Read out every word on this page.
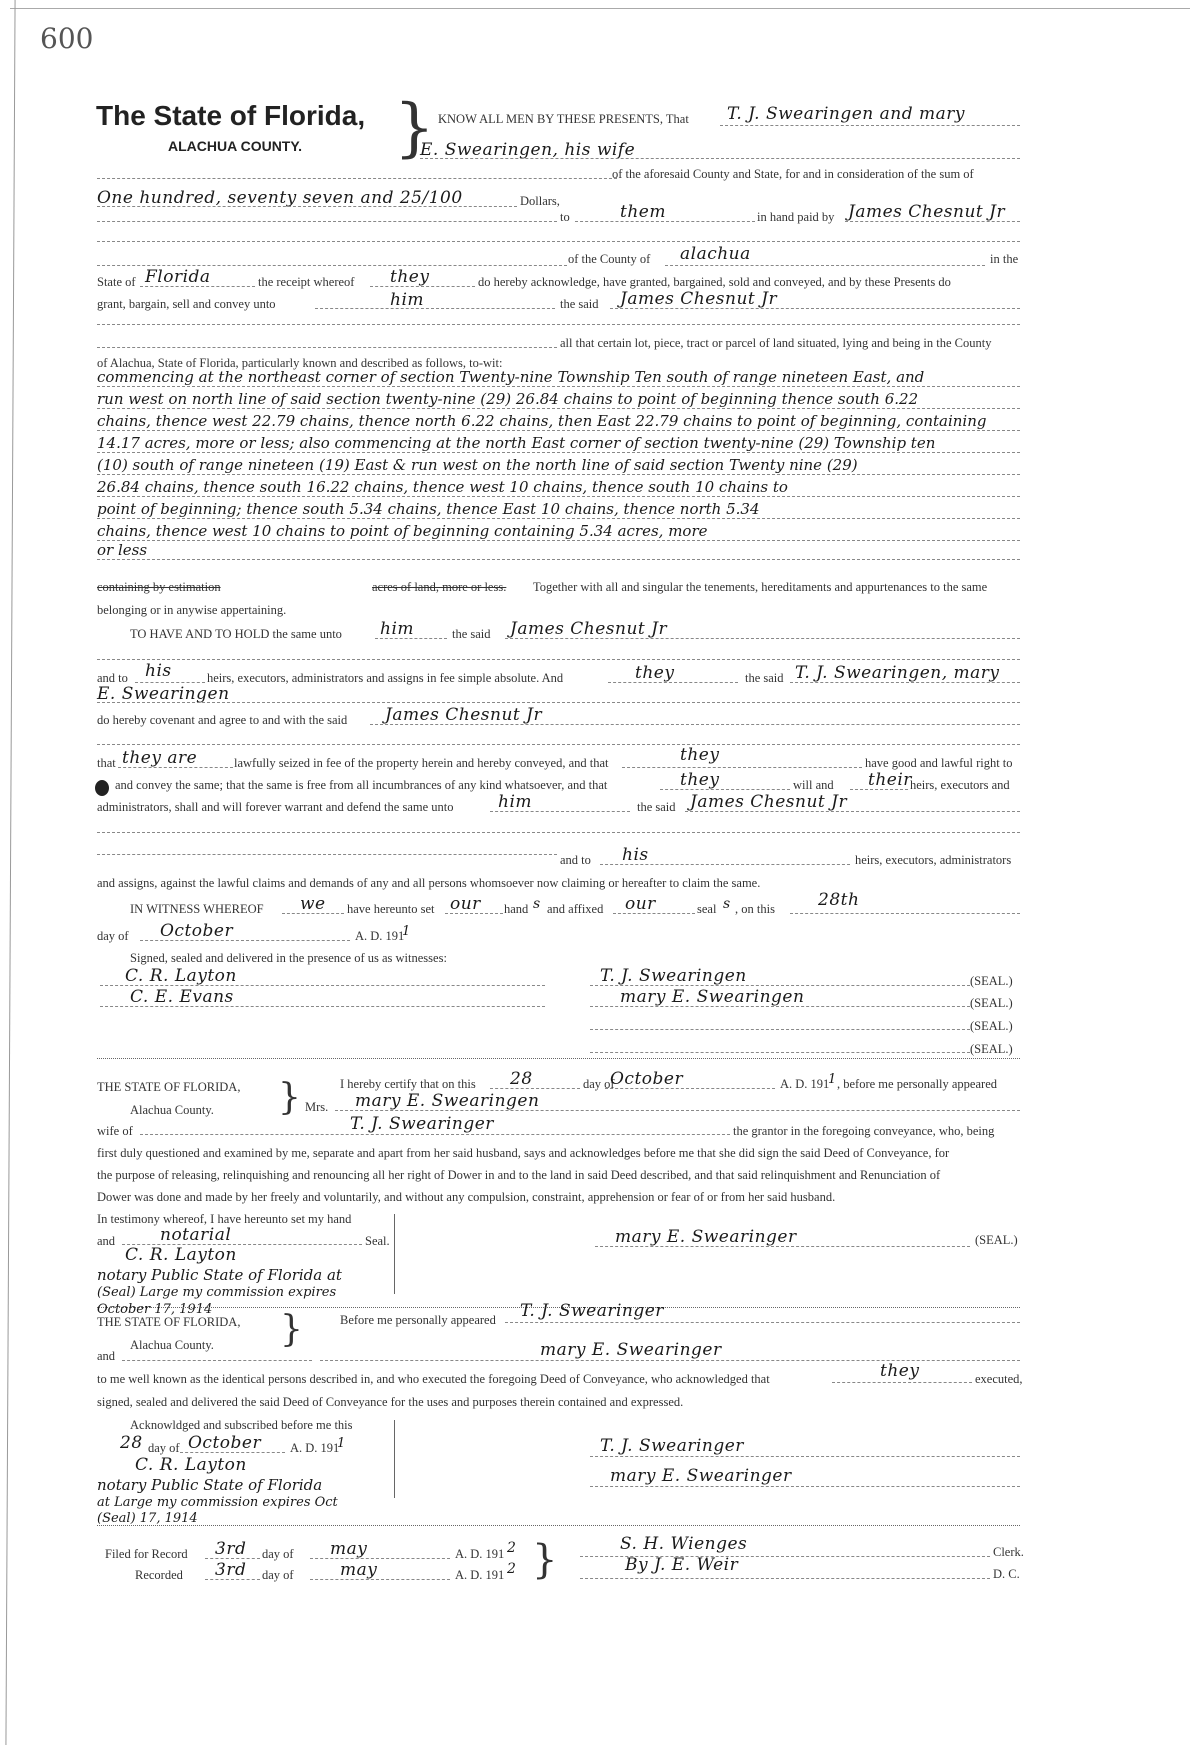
600
The State of Florida,
ALACHUA COUNTY. } KNOW ALL MEN BY THESE PRESENTS, That T. J. Swearingen and mary
E. Swearingen, his wife
of the aforesaid County and State, for and in consideration of the sum of
One hundred, seventy seven and 25/100	Dollars,
to	them	in hand paid by James Chesnut Jr
of the County of alachua	in the
State of Florida	the receipt whereof they	do hereby acknowledge, have granted, bargained, sold and conveyed, and by these Presents do
grant, bargain, sell and convey unto	him	the said James Chesnut Jr
all that certain lot, piece, tract or parcel of land situated, lying and being in the County
of Alachua, State of Florida, particularly known and described as follows, to-wit:
commencing at the northeast corner of section Twenty-nine Township Ten south of range nineteen East, and
run west on north line of said section twenty-nine (29) 26.84 chains to point of beginning thence south 6.22
chains, thence west 22.79 chains, thence north 6.22 chains, then East 22.79 chains to point of beginning, containing
14.17 acres, more or less; also commencing at the north East corner of section twenty-nine (29) Township ten
(10) south of range nineteen (19) East & run west on the north line of said section Twenty nine (29)
26.84 chains, thence south 16.22 chains, thence west 10 chains, thence south 10 chains to
point of beginning; thence south 5.34 chains, thence East 10 chains, thence north 5.34
chains, thence west 10 chains to point of beginning containing 5.34 acres, more
or less
containing by estimation	acres of land, more or less. Together with all and singular the tenements, hereditaments and appurtenances to the same
belonging or in anywise appertaining.
TO HAVE AND TO HOLD the same unto him	the said James Chesnut Jr
and to his	heirs, executors, administrators and assigns in fee simple absolute. And	they	the said T. J. Swearingen, mary
E. Swearingen
do hereby covenant and agree to and with the said James Chesnut Jr
that they are	lawfully seized in fee of the property herein and hereby conveyed, and that	they	have good and lawful right to
and convey the same; that the same is free from all incumbrances of any kind whatsoever, and that	they	will and their
heirs, executors and
administrators, shall and will forever warrant and defend the same unto	him	the said James Chesnut Jr
and to his	heirs, executors, administrators
and assigns, against the lawful claims and demands of any and all persons whomsoever now claiming or hereafter to claim the same.
IN WITNESS WHEREOF we have hereunto set our hand s and affixed our	seal s , on this	28th
day of October	A. D. 191
1
Signed, sealed and delivered in the presence of us as witnesses:
C. R. Layton
C. E. Evans
T. J. Swearingen	(SEAL.)
mary E. Swearingen	(SEAL.)
(SEAL.)
(SEAL.)
THE STATE OF FLORIDA,
Alachua County. }	I hereby certify that on this 28	day of
October	A. D. 191
1 , before me personally appeared
Mrs. mary E. Swearingen
wife of	T. J. Swearinger	the grantor in the foregoing conveyance, who, being
first duly questioned and examined by me, separate and apart from her said husband, says and acknowledges before me that she did sign the said Deed of Conveyance, for
the purpose of releasing, relinquishing and renouncing all her right of Dower in and to the land in said Deed described, and that said relinquishment and Renunciation of
Dower was done and made by her freely and voluntarily, and without any compulsion, constraint, apprehension or fear of or from her said husband.
In testimony whereof, I have hereunto set my hand
and	notarial	Seal.
C. R. Layton
notary Public State of Florida at
(Seal) Large my commission expires
October 17, 1914
mary E. Swearinger	(SEAL.)
THE STATE OF FLORIDA,
Alachua County. }	Before me personally appeared T. J. Swearinger
mary E. Swearinger
and
to me well known as the identical persons described in, and who executed the foregoing Deed of Conveyance, who acknowledged that	they	executed,
signed, sealed and delivered the said Deed of Conveyance for the uses and purposes therein contained and expressed.
Acknowldged and subscribed before me this
28 day of October A. D. 191
1
C. R. Layton
notary Public State of Florida
at Large my commission expires Oct
(Seal) 17, 1914
T. J. Swearinger
mary E. Swearinger
Filed for Record 3rd day of may	A. D. 191 2
Recorded 3rd day of	may	A. D. 191 2 }	S. H. Wienges	Clerk.
By J. E. Weir	D. C.
